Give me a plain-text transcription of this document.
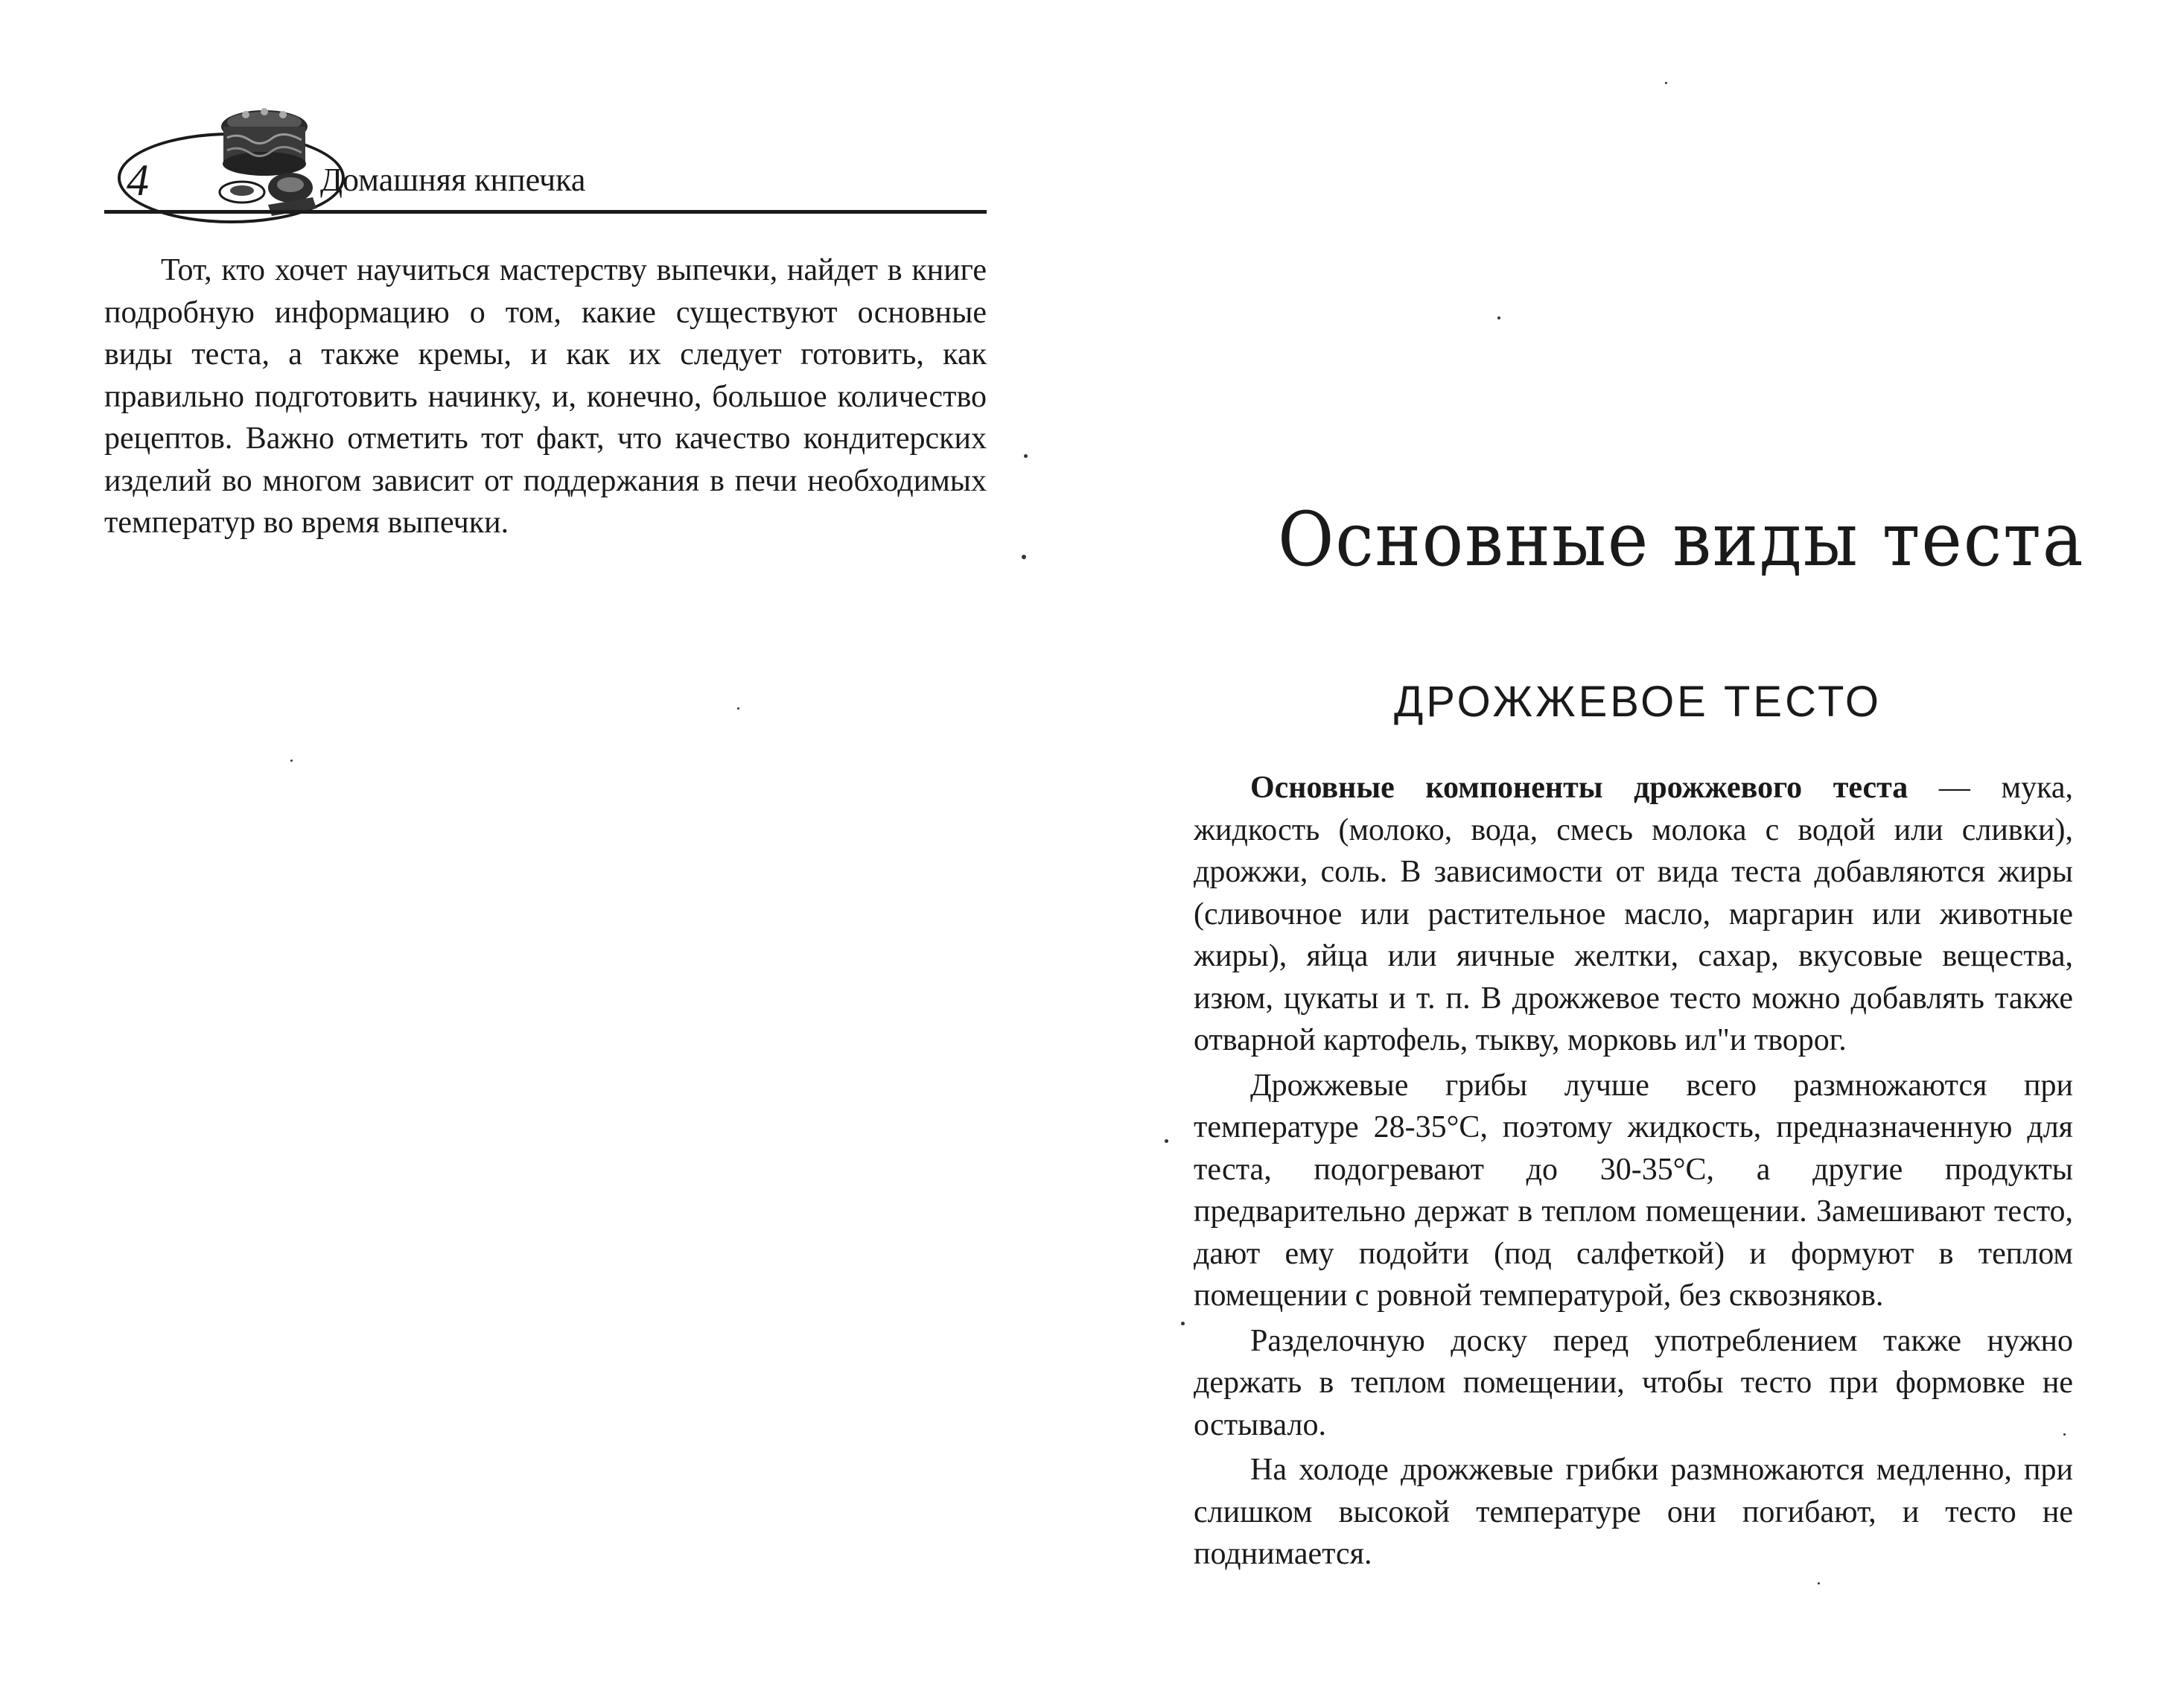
4	Домашняя кнпечка

Тот, кто хочет научиться мастерству выпечки, найдет в книге подробную информацию о том, какие существуют основные виды теста, а также кремы, и как их следует готовить, как правильно подготовить начинку, и, конечно, большое количество рецептов. Важно отметить тот факт, что качество кондитерских изделий во многом зависит от поддержания в печи необходимых температур во время выпечки.	Основные виды теста
ДРОЖЖЕВОЕ ТЕСТО

Основные компоненты дрожжевого теста — мука, жидкость (молоко, вода, смесь молока с водой или сливки), дрожжи, соль. В зависимости от вида теста добавляются жиры (сливочное или растительное масло, маргарин или животные жиры), яйца или яичные желтки, сахар, вкусовые вещества, изюм, цукаты и т. п. В дрожжевое тесто можно добавлять также отварной картофель, тыкву, морковь ил"и творог.

Дрожжевые грибы лучше всего размножаются при температуре 28-35°С, поэтому жидкость, предназначенную для теста, подогревают до 30-35°С, а другие продукты предварительно держат в теплом помещении. Замешивают тесто, дают ему подойти (под салфеткой) и формуют в теплом помещении с ровной температурой, без сквозняков.

Разделочную доску перед употреблением также нужно держать в теплом помещении, чтобы тесто при формовке не остывало.

На холоде дрожжевые грибки размножаются медленно, при слишком высокой температуре они погибают, и тесто не поднимается.
